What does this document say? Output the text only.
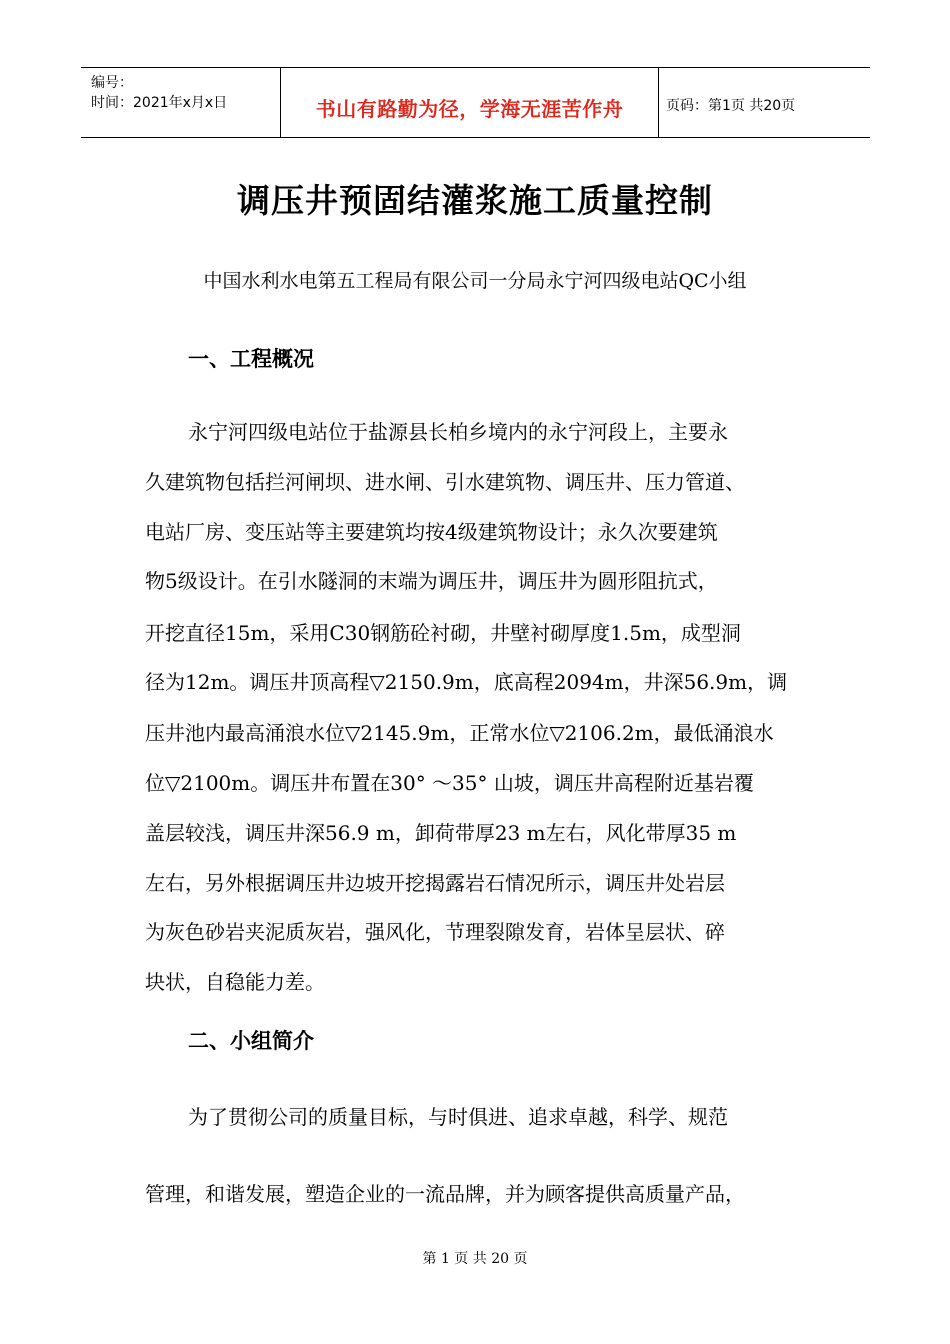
编号：
时间：2021年x月x日	书山有路勤为径，学海无涯苦作舟	页码：第1页 共20页
调压井预固结灌浆施工质量控制
中国水利水电第五工程局有限公司一分局永宁河四级电站QC小组
一、工程概况
永宁河四级电站位于盐源县长柏乡境内的永宁河段上，主要永
久建筑物包括拦河闸坝、进水闸、引水建筑物、调压井、压力管道、
电站厂房、变压站等主要建筑均按4级建筑物设计；永久次要建筑
物5级设计。在引水隧洞的末端为调压井，调压井为圆形阻抗式，
开挖直径15m，采用C30钢筋砼衬砌，井壁衬砌厚度1.5m，成型洞
径为12m。调压井顶高程▽2150.9m，底高程2094m，井深56.9m，调
压井池内最高涌浪水位▽2145.9m，正常水位▽2106.2m，最低涌浪水
位▽2100m。调压井布置在30° ～35° 山坡，调压井高程附近基岩覆
盖层较浅，调压井深56.9 m，卸荷带厚23 m左右，风化带厚35 m
左右，另外根据调压井边坡开挖揭露岩石情况所示，调压井处岩层
为灰色砂岩夹泥质灰岩，强风化，节理裂隙发育，岩体呈层状、碎
块状，自稳能力差。
二、小组简介
为了贯彻公司的质量目标，与时俱进、追求卓越，科学、规范
管理，和谐发展，塑造企业的一流品牌，并为顾客提供高质量产品，
第 1 页 共 20 页
